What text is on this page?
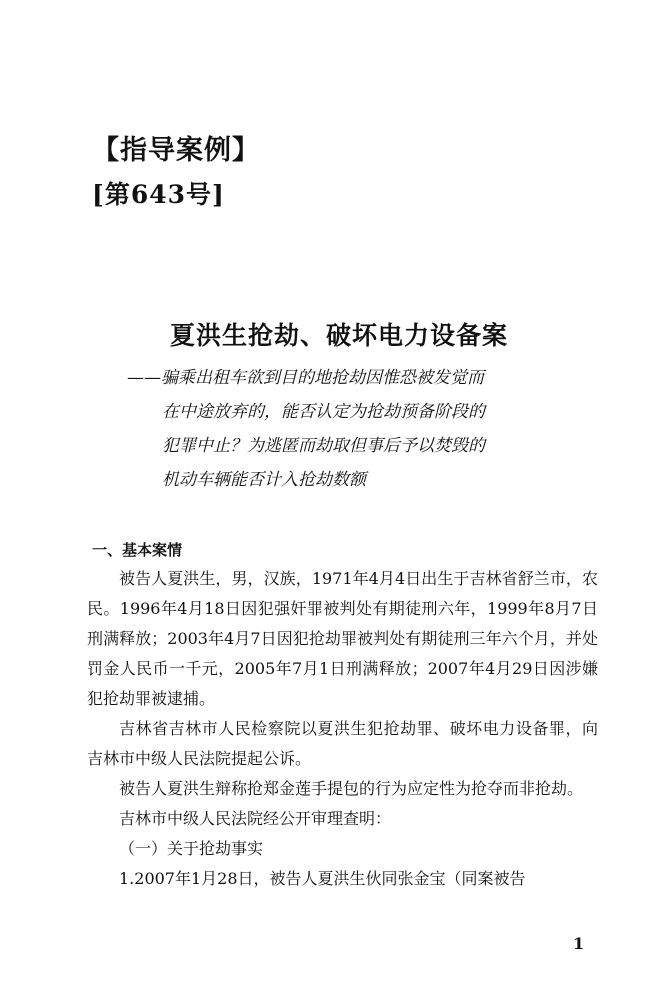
【指导案例】
[第643号]
夏洪生抢劫、破坏电力设备案
——骗乘出租车欲到目的地抢劫因惟恐被发觉而
在中途放弃的，能否认定为抢劫预备阶段的
犯罪中止？为逃匿而劫取但事后予以焚毁的
机动车辆能否计入抢劫数额
一、基本案情

被告人夏洪生，男，汉族，1971年4月4日出生于吉林省舒兰市，农民。1996年4月18日因犯强奸罪被判处有期徒刑六年，1999年8月7日刑满释放；2003年4月7日因犯抢劫罪被判处有期徒刑三年六个月，并处罚金人民币一千元，2005年7月1日刑满释放；2007年4月29日因涉嫌犯抢劫罪被逮捕。

吉林省吉林市人民检察院以夏洪生犯抢劫罪、破坏电力设备罪，向吉林市中级人民法院提起公诉。

被告人夏洪生辩称抢郑金莲手提包的行为应定性为抢夺而非抢劫。

吉林市中级人民法院经公开审理查明：

（一）关于抢劫事实

1.2007年1月28日，被告人夏洪生伙同张金宝（同案被告

1
